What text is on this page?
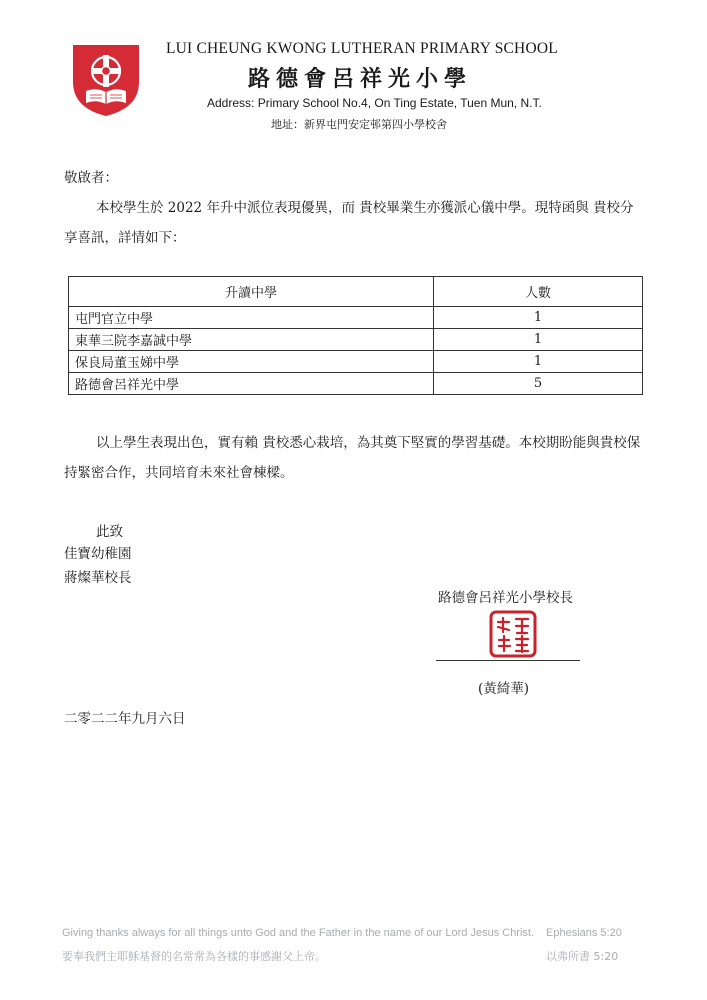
LUI CHEUNG KWONG LUTHERAN PRIMARY SCHOOL
路德會呂祥光小學
Address: Primary School No.4, On Ting Estate, Tuen Mun, N.T.
地址：新界屯門安定邨第四小學校舍
敬啟者：

本校學生於 2022 年升中派位表現優異，而 貴校畢業生亦獲派心儀中學。現特函與 貴校分享喜訊，詳情如下：

升讀中學	人數
屯門官立中學	1
東華三院李嘉誠中學	1
保良局董玉娣中學	1
路德會呂祥光中學	5

以上學生表現出色，實有賴 貴校悉心栽培，為其奠下堅實的學習基礎。本校期盼能與貴校保持緊密合作，共同培育未來社會棟樑。

此致
佳寶幼稚園
蔣燦華校長
路德會呂祥光小學校長
(黃綺華)
二零二二年九月六日
Giving thanks always for all things unto God and the Father in the name of our Lord Jesus Christ. Ephesians 5:20
要奉我們主耶穌基督的名常常為各樣的事感謝父上帝。	以弗所書 5:20
